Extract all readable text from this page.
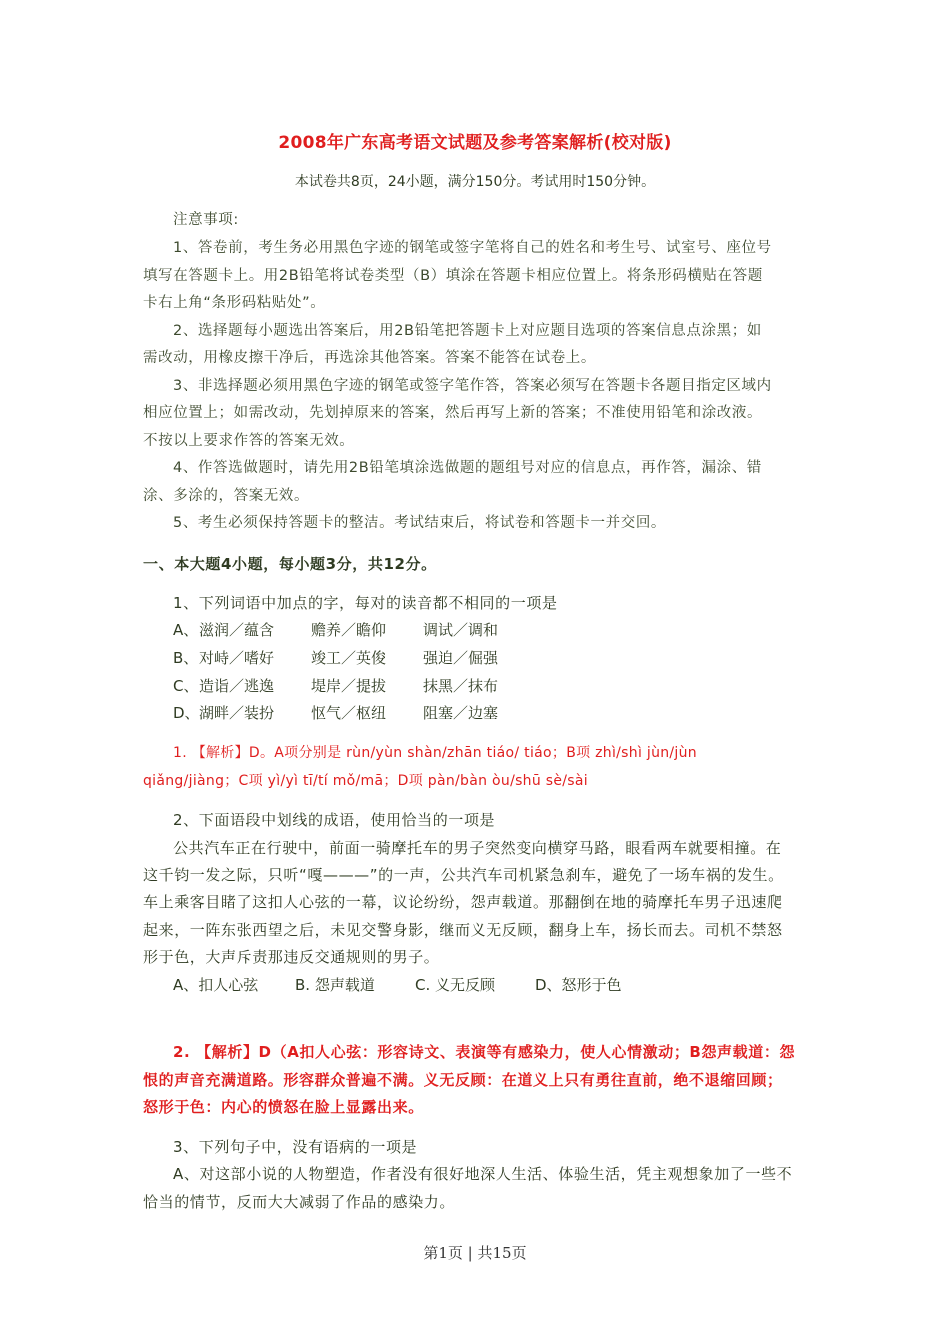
2008年广东高考语文试题及参考答案解析(校对版)
本试卷共8页，24小题，满分150分。考试用时150分钟。
注意事项:
1、答卷前，考生务必用黑色字迹的钢笔或签字笔将自己的姓名和考生号、试室号、座位号
填写在答题卡上。用2B铅笔将试卷类型（B）填涂在答题卡相应位置上。将条形码横贴在答题
卡右上角“条形码粘贴处”。
2、选择题每小题选出答案后，用2B铅笔把答题卡上对应题目选项的答案信息点涂黑；如
需改动，用橡皮擦干净后，再选涂其他答案。答案不能答在试卷上。
3、非选择题必须用黑色字迹的钢笔或签字笔作答，答案必须写在答题卡各题目指定区域内
相应位置上；如需改动，先划掉原来的答案，然后再写上新的答案；不准使用铅笔和涂改液。
不按以上要求作答的答案无效。
4、作答选做题时，请先用2B铅笔填涂选做题的题组号对应的信息点，再作答，漏涂、错
涂、多涂的，答案无效。
5、考生必须保持答题卡的整洁。考试结束后，将试卷和答题卡一并交回。
一、本大题4小题，每小题3分，共12分。
1、下列词语中加点的字，每对的读音都不相同的一项是
A、 滋润／蕴含 赡养／瞻仰 调试／调和
B、 对峙／嗜好 竣工／英俊 强迫／倔强
C、 造诣／逃逸 堤岸／提拔 抹黑／抹布
D、 湖畔／装扮 怄气／枢纽 阻塞／边塞
1. 【解析】D。A项分别是 rùn/yùn shàn/zhān tiáo/ tiáo；B项 zhì/shì jùn/jùn
qiǎng/jiàng；C项 yì/yì tī/tí mǒ/mā；D项 pàn/bàn òu/shū sè/sài
2、下面语段中划线的成语，使用恰当的一项是
公共汽车正在行驶中，前面一骑摩托车的男子突然变向横穿马路，眼看两车就要相撞。在
这千钧一发之际，只听“嘎———”的一声，公共汽车司机紧急刹车，避免了一场车祸的发生。
车上乘客目睹了这扣人心弦的一幕，议论纷纷，怨声载道。那翻倒在地的骑摩托车男子迅速爬
起来，一阵东张西望之后，未见交警身影，继而义无反顾，翻身上车，扬长而去。司机不禁怒
形于色，大声斥责那违反交通规则的男子。
A、扣人心弦 B. 怨声载道	C. 义无反顾	D、怒形于色
2. 【解析】D（A扣人心弦：形容诗文、表演等有感染力，使人心情激动；B怨声载道：怨
恨的声音充满道路。形容群众普遍不满。义无反顾：在道义上只有勇往直前，绝不退缩回顾；
怒形于色：内心的愤怒在脸上显露出来。
3、下列句子中，没有语病的一项是
A、对这部小说的人物塑造，作者没有很好地深人生活、体验生活，凭主观想象加了一些不
恰当的情节，反而大大减弱了作品的感染力。
第1页 | 共15页
